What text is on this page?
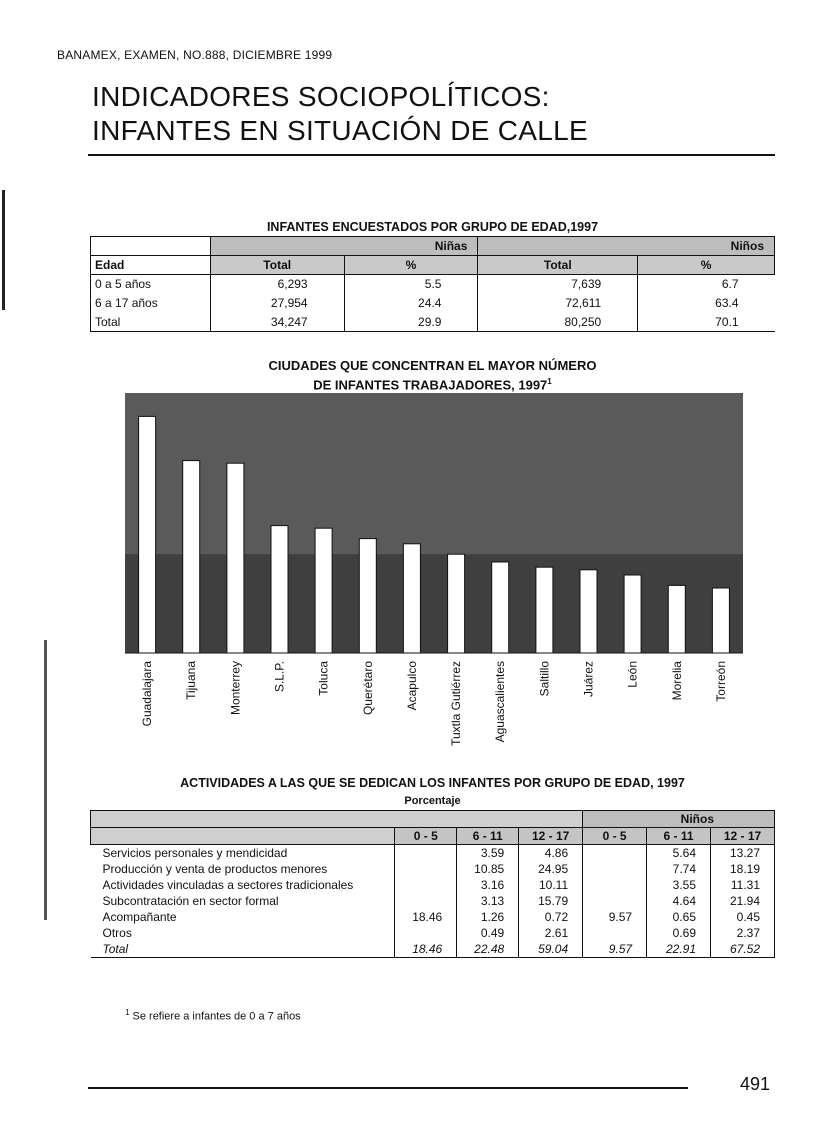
BANAMEX, EXAMEN, NO.888, DICIEMBRE 1999
INDICADORES SOCIOPOLÍTICOS:
INFANTES EN SITUACIÓN DE CALLE
INFANTES ENCUESTADOS POR GRUPO DE EDAD,1997
	Niñas		Niños	
Edad	Total	%	Total	%
0 a 5 años	6,293	5.5	7,639	6.7
6 a 17 años	27,954	24.4	72,611	63.4
Total	34,247	29.9	80,250	70.1
CIUDADES QUE CONCENTRAN EL MAYOR NÚMERO
DE INFANTES TRABAJADORES, 1997$^1$
Guadalajara	Tijuana	Monterrey	S.L.P.	Toluca	Querétaro	Acapulco	Tuxtla Gutiérrez	Aguascalientes	Saltillo	Juárez	León	Morelia	Torreón
ACTIVIDADES A LAS QUE SE DEDICAN LOS INFANTES POR GRUPO DE EDAD, 1997
Porcentaje
				Niños		
	0 - 5	6 - 11	12 - 17	0 - 5	6 - 11	12 - 17
Servicios personales y mendicidad		3.59	4.86		5.64	13.27
Producción y venta de productos menores		10.85	24.95		7.74	18.19
Actividades vinculadas a sectores tradicionales		3.16	10.11		3.55	11.31
Subcontratación en sector formal		3.13	15.79		4.64	21.94
Acompañante	18.46	1.26	0.72	9.57	0.65	0.45
Otros		0.49	2.61		0.69	2.37
Total	18.46	22.48	59.04	9.57	22.91	67.52
$^1$ Se refiere a infantes de 0 a 7 años
491
